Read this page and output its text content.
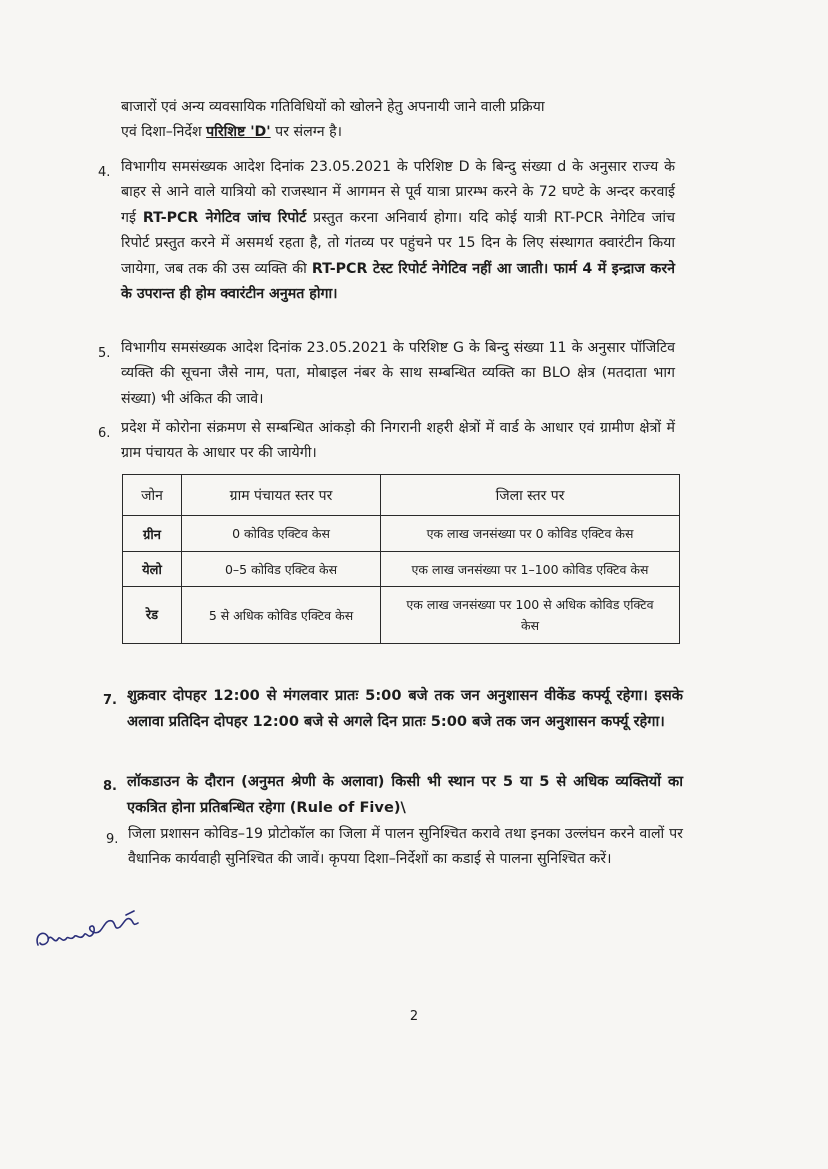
बाजारों एवं अन्य व्यवसायिक गतिविधियों को खोलने हेतु अपनायी जाने वाली प्रक्रिया
एवं दिशा–निर्देश परिशिष्ट 'D' पर संलग्न है।

4. विभागीय समसंख्यक आदेश दिनांक 23.05.2021 के परिशिष्ट D के बिन्दु संख्या d के अनुसार राज्य के बाहर से आने वाले यात्रियो को राजस्थान में आगमन से पूर्व यात्रा प्रारम्भ करने के 72 घण्टे के अन्दर करवाई गई RT-PCR नेगेटिव जांच रिपोर्ट प्रस्तुत करना अनिवार्य होगा। यदि कोई यात्री RT-PCR नेगेटिव जांच रिपोर्ट प्रस्तुत करने में असमर्थ रहता है, तो गंतव्य पर पहुंचने पर 15 दिन के लिए संस्थागत क्वारंटीन किया जायेगा, जब तक की उस व्यक्ति की RT-PCR टेस्ट रिपोर्ट नेगेटिव नहीं आ जाती। फार्म 4 में इन्द्राज करने के उपरान्त ही होम क्वारंटीन अनुमत होगा।

5. विभागीय समसंख्यक आदेश दिनांक 23.05.2021 के परिशिष्ट G के बिन्दु संख्या 11 के अनुसार पॉजिटिव व्यक्ति की सूचना जैसे नाम, पता, मोबाइल नंबर के साथ सम्बन्धित व्यक्ति का BLO क्षेत्र (मतदाता भाग संख्या) भी अंकित की जावे।

6. प्रदेश में कोरोना संक्रमण से सम्बन्धित आंकड़ो की निगरानी शहरी क्षेत्रों में वार्ड के आधार एवं ग्रामीण क्षेत्रों में ग्राम पंचायत के आधार पर की जायेगी।

जोन	ग्राम पंचायत स्तर पर	जिला स्तर पर
ग्रीन	0 कोविड एक्टिव केस	एक लाख जनसंख्या पर 0 कोविड एक्टिव केस
येलो	0–5 कोविड एक्टिव केस	एक लाख जनसंख्या पर 1–100 कोविड एक्टिव केस
रेड	5 से अधिक कोविड एक्टिव केस	एक लाख जनसंख्या पर 100 से अधिक कोविड एक्टिव केस
7. शुक्रवार दोपहर 12:00 से मंगलवार प्रातः 5:00 बजे तक जन अनुशासन वीकेंड कर्फ्यू रहेगा। इसके अलावा प्रतिदिन दोपहर 12:00 बजे से अगले दिन प्रातः 5:00 बजे तक जन अनुशासन कर्फ्यू रहेगा।

8. लॉकडाउन के दौरान (अनुमत श्रेणी के अलावा) किसी भी स्थान पर 5 या 5 से अधिक व्यक्तियों का एकत्रित होना प्रतिबन्धित रहेगा (Rule of Five)\

9. जिला प्रशासन कोविड–19 प्रोटोकॉल का जिला में पालन सुनिश्चित करावे तथा इनका उल्लंघन करने वालों पर वैधानिक कार्यवाही सुनिश्चित की जावें। कृपया दिशा–निर्देशों का कडाई से पालना सुनिश्चित करें।

2
